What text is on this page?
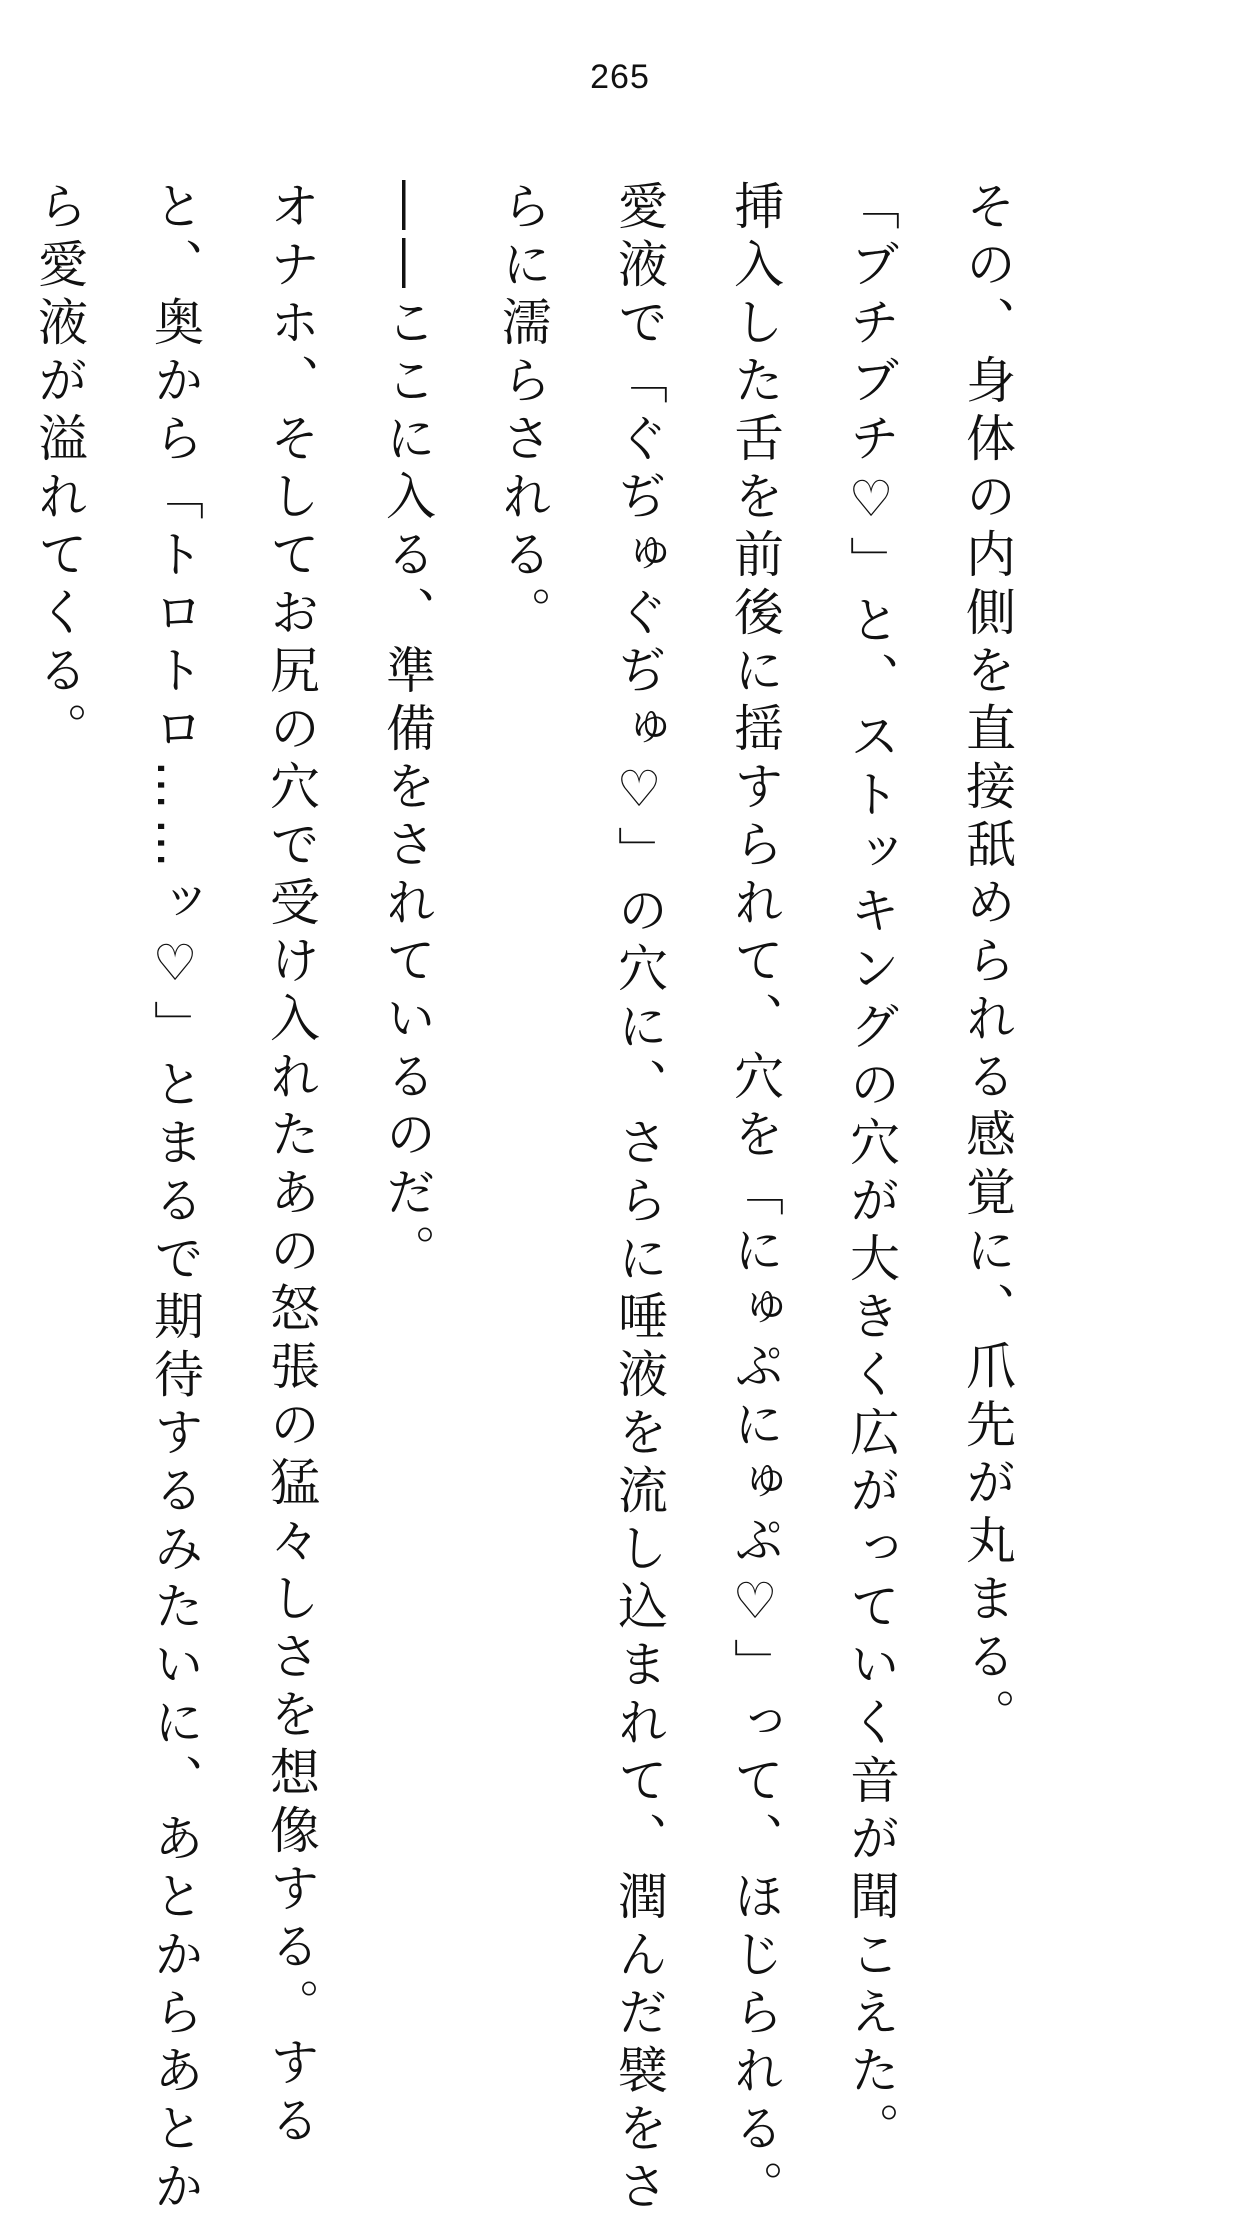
265

その、身体の内側を直接舐められる感覚に、爪先が丸まる。

「ブチブチ♡」と、ストッキングの穴が大きく広がっていく音が聞こえた。

挿入した舌を前後に揺すられて、穴を「にゅぷにゅぷ♡」って、ほじられる。

愛液で「ぐぢゅぐぢゅ♡」の穴に、さらに唾液を流し込まれて、潤んだ襞をさ

らに濡らされる。

――ここに入る、準備をされているのだ。

オナホ、そしてお尻の穴で受け入れたあの怒張の猛々しさを想像する。する

と、奥から「トロトロ……ッ♡」とまるで期待するみたいに、あとからあとか

ら愛液が溢れてくる。
